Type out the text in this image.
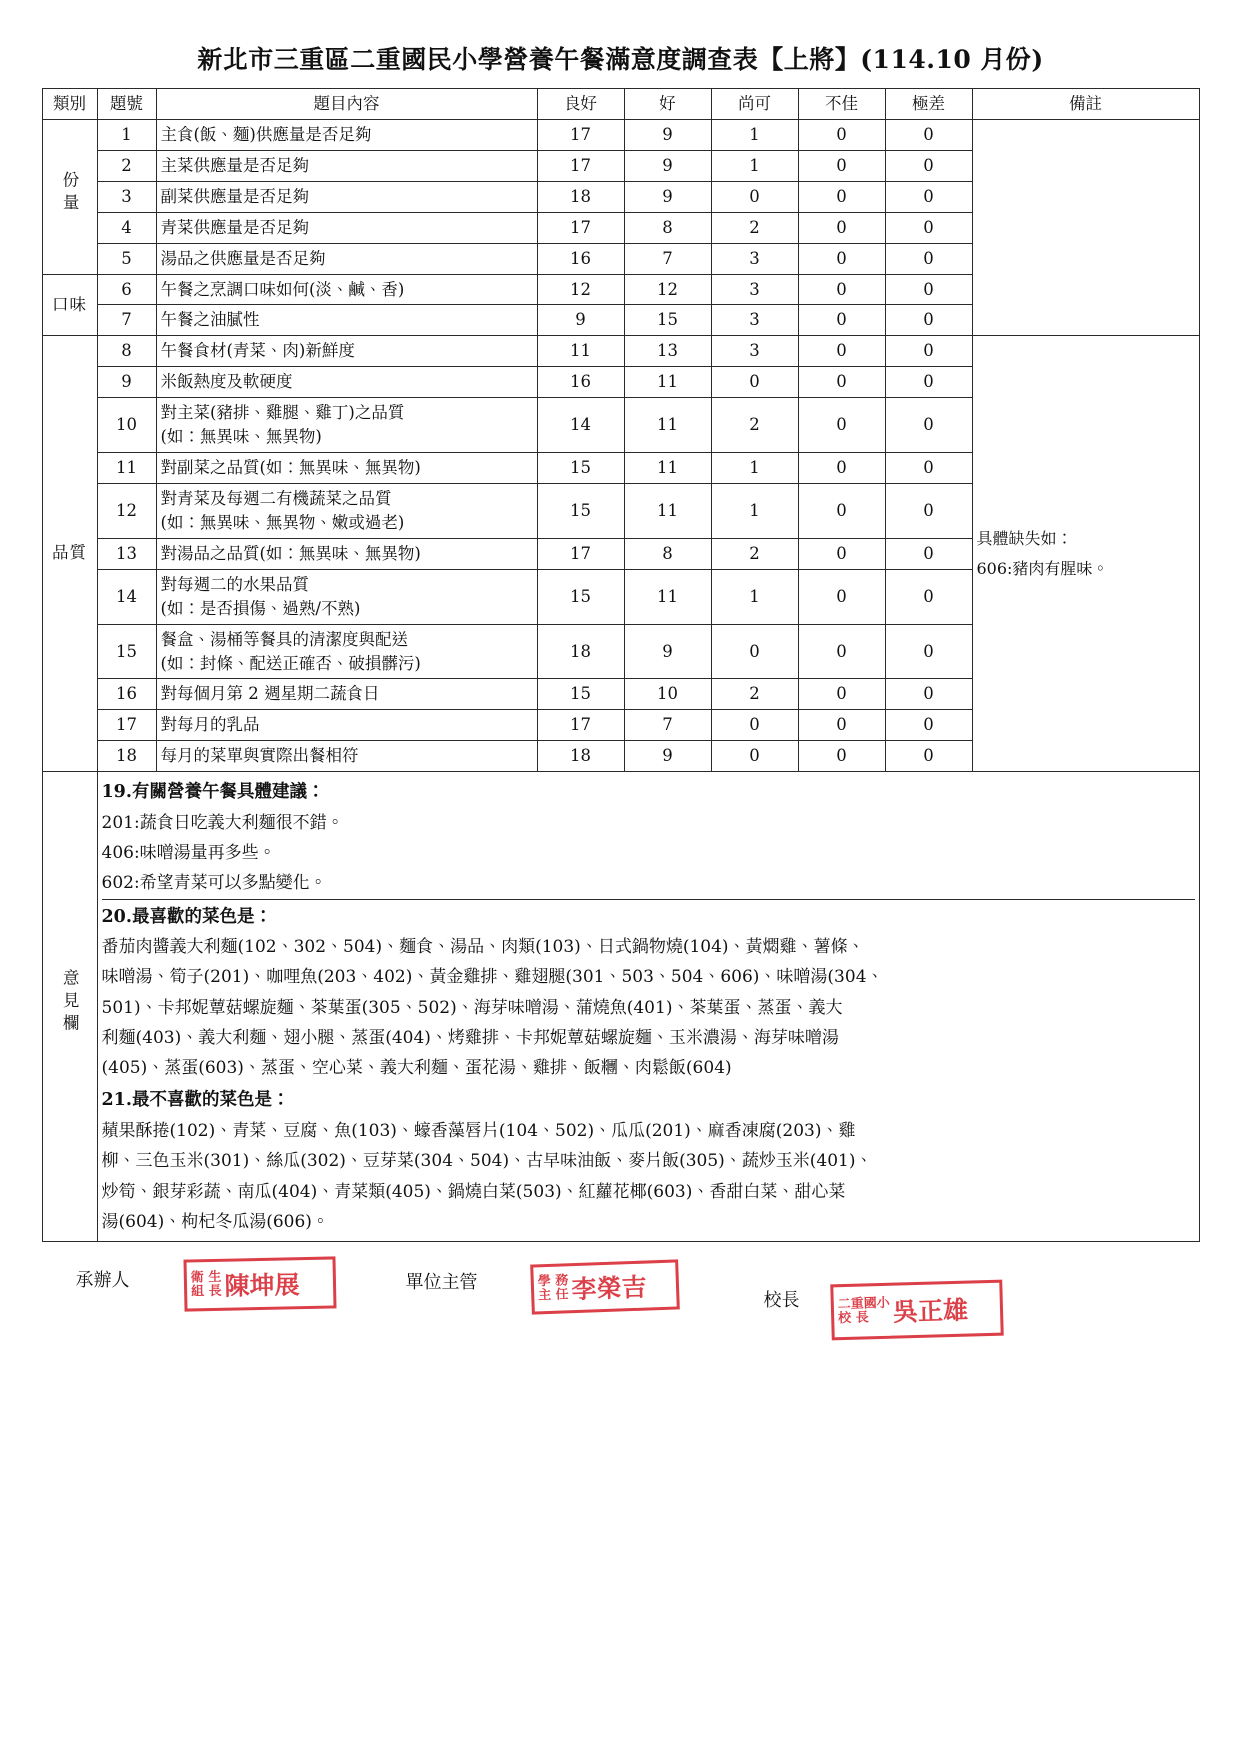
新北市三重區二重國民小學營養午餐滿意度調查表【上將】(114.10 月份)
類別	題號	題目內容	良好	好	尚可	不佳	極差	備註
份量	1	主食(飯、麵)供應量是否足夠	17	9	1	0	0	
	2	主菜供應量是否足夠	17	9	1	0	0	
	3	副菜供應量是否足夠	18	9	0	0	0	
	4	青菜供應量是否足夠	17	8	2	0	0	
	5	湯品之供應量是否足夠	16	7	3	0	0	
口味	6	午餐之烹調口味如何(淡、鹹、香)	12	12	3	0	0	
	7	午餐之油膩性	9	15	3	0	0	
品質	8	午餐食材(青菜、肉)新鮮度	11	13	3	0	0	具體缺失如：
606:豬肉有腥味。

	9	米飯熱度及軟硬度	16	11	0	0	0	
	10	對主菜(豬排、雞腿、雞丁)之品質
(如：無異味、無異物)	14	11	2	0	0	
	11	對副菜之品質(如：無異味、無異物)	15	11	1	0	0	
	12	對青菜及每週二有機蔬菜之品質
(如：無異味、無異物、嫩或過老)	15	11	1	0	0	
	13	對湯品之品質(如：無異味、無異物)	17	8	2	0	0	
	14	對每週二的水果品質
(如：是否損傷、過熟/不熟)	15	11	1	0	0	
	15	餐盒、湯桶等餐具的清潔度與配送
(如：封條、配送正確否、破損髒污)	18	9	0	0	0	
	16	對每個月第 2 週星期二蔬食日	15	10	2	0	0	
	17	對每月的乳品	17	7	0	0	0	
	18	每月的菜單與實際出餐相符	18	9	0	0	0	
意見欄	
19.有關營養午餐具體建議：
201:蔬食日吃義大利麵很不錯。
406:味噌湯量再多些。
602:希望青菜可以多點變化。
20.最喜歡的菜色是：
番茄肉醬義大利麵(102、302、504)、麵食、湯品、肉類(103)、日式鍋物燒(104)、黃燜雞、薯條、
味噌湯、筍子(201)、咖哩魚(203、402)、黃金雞排、雞翅腿(301、503、504、606)、味噌湯(304、
501)、卡邦妮蕈菇螺旋麵、茶葉蛋(305、502)、海芽味噌湯、蒲燒魚(401)、茶葉蛋、蒸蛋、義大
利麵(403)、義大利麵、翅小腿、蒸蛋(404)、烤雞排、卡邦妮蕈菇螺旋麵、玉米濃湯、海芽味噌湯
(405)、蒸蛋(603)、蒸蛋、空心菜、義大利麵、蛋花湯、雞排、飯糰、肉鬆飯(604)
21.最不喜歡的菜色是：
蘋果酥捲(102)、青菜、豆腐、魚(103)、蠔香藻唇片(104、502)、瓜瓜(201)、麻香凍腐(203)、雞
柳、三色玉米(301)、絲瓜(302)、豆芽菜(304、504)、古早味油飯、麥片飯(305)、蔬炒玉米(401)、
炒筍、銀芽彩蔬、南瓜(404)、青菜類(405)、鍋燒白菜(503)、紅蘿花椰(603)、香甜白菜、甜心菜
湯(604)、枸杞冬瓜湯(606)。
承辦人	衛 生
組 長 陳坤展	單位主管	學 務
主 任 李榮吉	校長	二重國小
校 長 吳正雄
